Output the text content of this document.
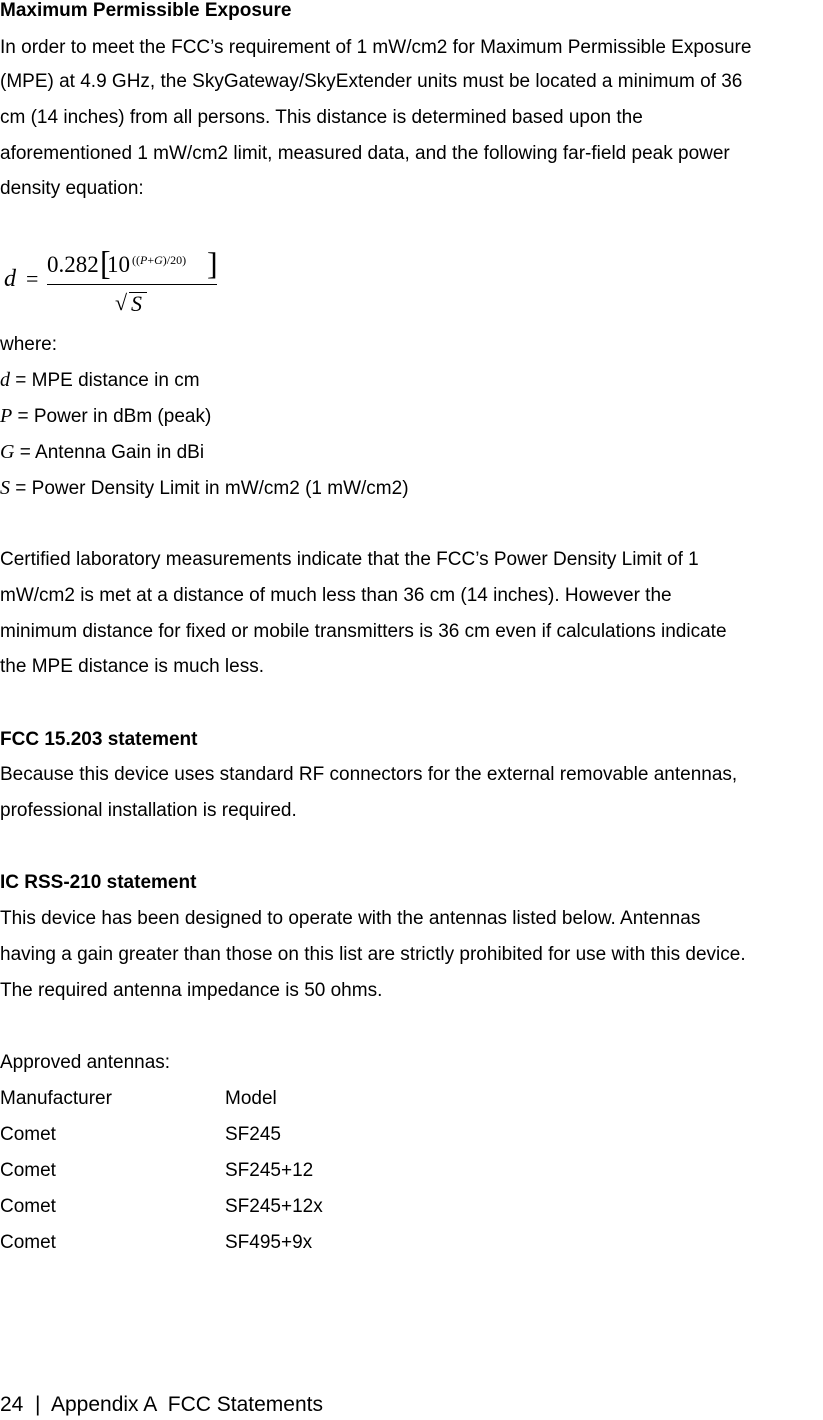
Maximum Permissible Exposure
In order to meet the FCC’s requirement of 1 mW/cm2 for Maximum Permissible Exposure
(MPE) at 4.9 GHz, the SkyGateway/SkyExtender units must be located a minimum of 36
cm (14 inches) from all persons. This distance is determined based upon the
aforementioned 1 mW/cm2 limit, measured data, and the following far-field peak power
density equation:
d =
0.282 [
10 ((P+G)/20) ]
√ S
where:
d = MPE distance in cm
P = Power in dBm (peak)
G = Antenna Gain in dBi
S = Power Density Limit in mW/cm2 (1 mW/cm2)
Certified laboratory measurements indicate that the FCC’s Power Density Limit of 1
mW/cm2 is met at a distance of much less than 36 cm (14 inches). However the
minimum distance for fixed or mobile transmitters is 36 cm even if calculations indicate
the MPE distance is much less.
FCC 15.203 statement
Because this device uses standard RF connectors for the external removable antennas,
professional installation is required.
IC RSS-210 statement
This device has been designed to operate with the antennas listed below. Antennas
having a gain greater than those on this list are strictly prohibited for use with this device.
The required antenna impedance is 50 ohms.
Approved antennas:
Manufacturer	Model
Comet	SF245
Comet	SF245+12
Comet	SF245+12x
Comet	SF495+9x
24  |  Appendix A  FCC Statements
